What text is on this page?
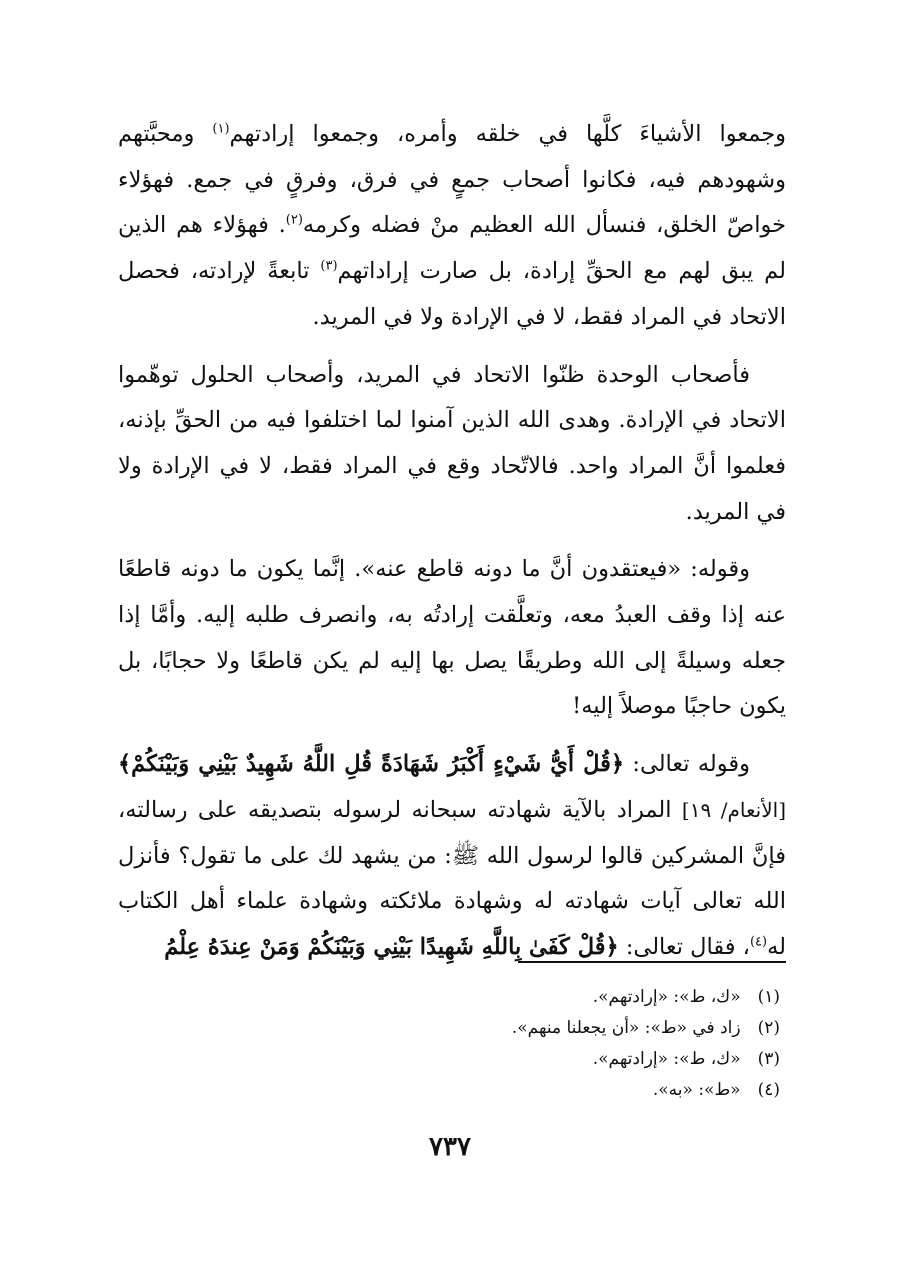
وجمعوا الأشياءَ كلَّها في خلقه وأمره، وجمعوا إرادتهم$^{(١)}$ ومحبَّتهم وشهودهم فيه، فكانوا أصحاب جمعٍ في فرق، وفرقٍ في جمع. فهؤلاء خواصّ الخلق، فنسأل الله العظيم منْ فضله وكرمه$^{(٢)}$. فهؤلاء هم الذين لم يبق لهم مع الحقِّ إرادة، بل صارت إراداتهم$^{(٣)}$ تابعةً لإرادته، فحصل الاتحاد في المراد فقط، لا في الإرادة ولا في المريد.

فأصحاب الوحدة ظنّوا الاتحاد في المريد، وأصحاب الحلول توهّموا الاتحاد في الإرادة. وهدى الله الذين آمنوا لما اختلفوا فيه من الحقِّ بإذنه، فعلموا أنَّ المراد واحد. فالاتّحاد وقع في المراد فقط، لا في الإرادة ولا في المريد.

وقوله: «فيعتقدون أنَّ ما دونه قاطع عنه». إنَّما يكون ما دونه قاطعًا عنه إذا وقف العبدُ معه، وتعلَّقت إرادتُه به، وانصرف طلبه إليه. وأمَّا إذا جعله وسيلةً إلى الله وطريقًا يصل بها إليه لم يكن قاطعًا ولا حجابًا، بل يكون حاجبًا موصلاً إليه!

وقوله تعالى: ﴿قُلْ أَيُّ شَيْءٍ أَكْبَرُ شَهَادَةً قُلِ اللَّهُ شَهِيدٌ بَيْنِي وَبَيْنَكُمْ﴾[الأنعام/ ١٩] المراد بالآية شهادته سبحانه لرسوله بتصديقه على رسالته، فإنَّ المشركين قالوا لرسول الله ﷺ: من يشهد لك على ما تقول؟ فأنزل الله تعالى آيات شهادته له وشهادة ملائكته وشهادة علماء أهل الكتاب له$^{(٤)}$، فقال تعالى: ﴿قُلْ كَفَىٰ بِاللَّهِ شَهِيدًا بَيْنِي وَبَيْنَكُمْ وَمَنْ عِندَهُ عِلْمُ

(١) «ك، ط»: «إرادتهم».
(٢) زاد في «ط»: «أن يجعلنا منهم».
(٣) «ك، ط»: «إرادتهم».
(٤) «ط»: «به».
٧٣٧
